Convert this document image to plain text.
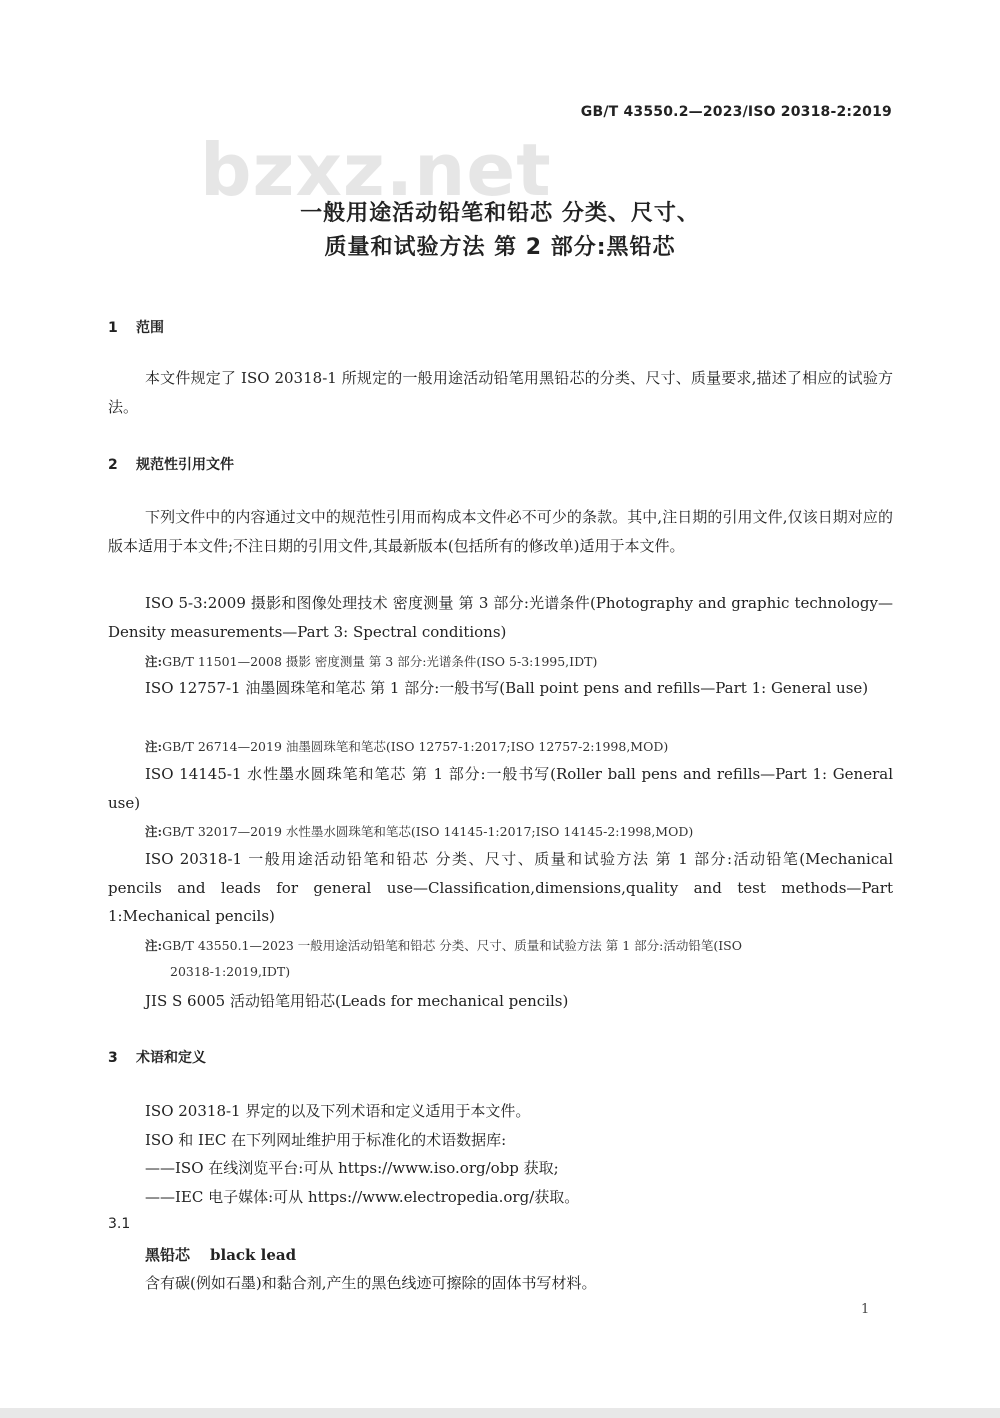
GB/T 43550.2—2023/ISO 20318-2:2019
bzxz.net
一般用途活动铅笔和铅芯 分类、尺寸、
质量和试验方法 第 2 部分:黑铅芯
1 范围
本文件规定了 ISO 20318-1 所规定的一般用途活动铅笔用黑铅芯的分类、尺寸、质量要求,描述了相应的试验方法。
2 规范性引用文件
下列文件中的内容通过文中的规范性引用而构成本文件必不可少的条款。其中,注日期的引用文件,仅该日期对应的版本适用于本文件;不注日期的引用文件,其最新版本(包括所有的修改单)适用于本文件。
ISO 5-3:2009 摄影和图像处理技术 密度测量 第 3 部分:光谱条件(Photography and graphic technology—Density measurements—Part 3: Spectral conditions)
注:GB/T 11501—2008 摄影 密度测量 第 3 部分:光谱条件(ISO 5-3:1995,IDT)
ISO 12757-1 油墨圆珠笔和笔芯 第 1 部分:一般书写(Ball point pens and refills—Part 1: General use)
注:GB/T 26714—2019 油墨圆珠笔和笔芯(ISO 12757-1:2017;ISO 12757-2:1998,MOD)
ISO 14145-1 水性墨水圆珠笔和笔芯 第 1 部分:一般书写(Roller ball pens and refills—Part 1: General use)
注:GB/T 32017—2019 水性墨水圆珠笔和笔芯(ISO 14145-1:2017;ISO 14145-2:1998,MOD)
ISO 20318-1 一般用途活动铅笔和铅芯 分类、尺寸、质量和试验方法 第 1 部分:活动铅笔(Mechanical pencils and leads for general use—Classification,dimensions,quality and test methods—Part 1:Mechanical pencils)
注:GB/T 43550.1—2023 一般用途活动铅笔和铅芯 分类、尺寸、质量和试验方法 第 1 部分:活动铅笔(ISO
20318-1:2019,IDT)
JIS S 6005 活动铅笔用铅芯(Leads for mechanical pencils)
3 术语和定义
ISO 20318-1 界定的以及下列术语和定义适用于本文件。
ISO 和 IEC 在下列网址维护用于标准化的术语数据库:
——ISO 在线浏览平台:可从 https://www.iso.org/obp 获取;
——IEC 电子媒体:可从 https://www.electropedia.org/获取。
3.1
黑铅芯 black lead
含有碳(例如石墨)和黏合剂,产生的黑色线迹可擦除的固体书写材料。
1
